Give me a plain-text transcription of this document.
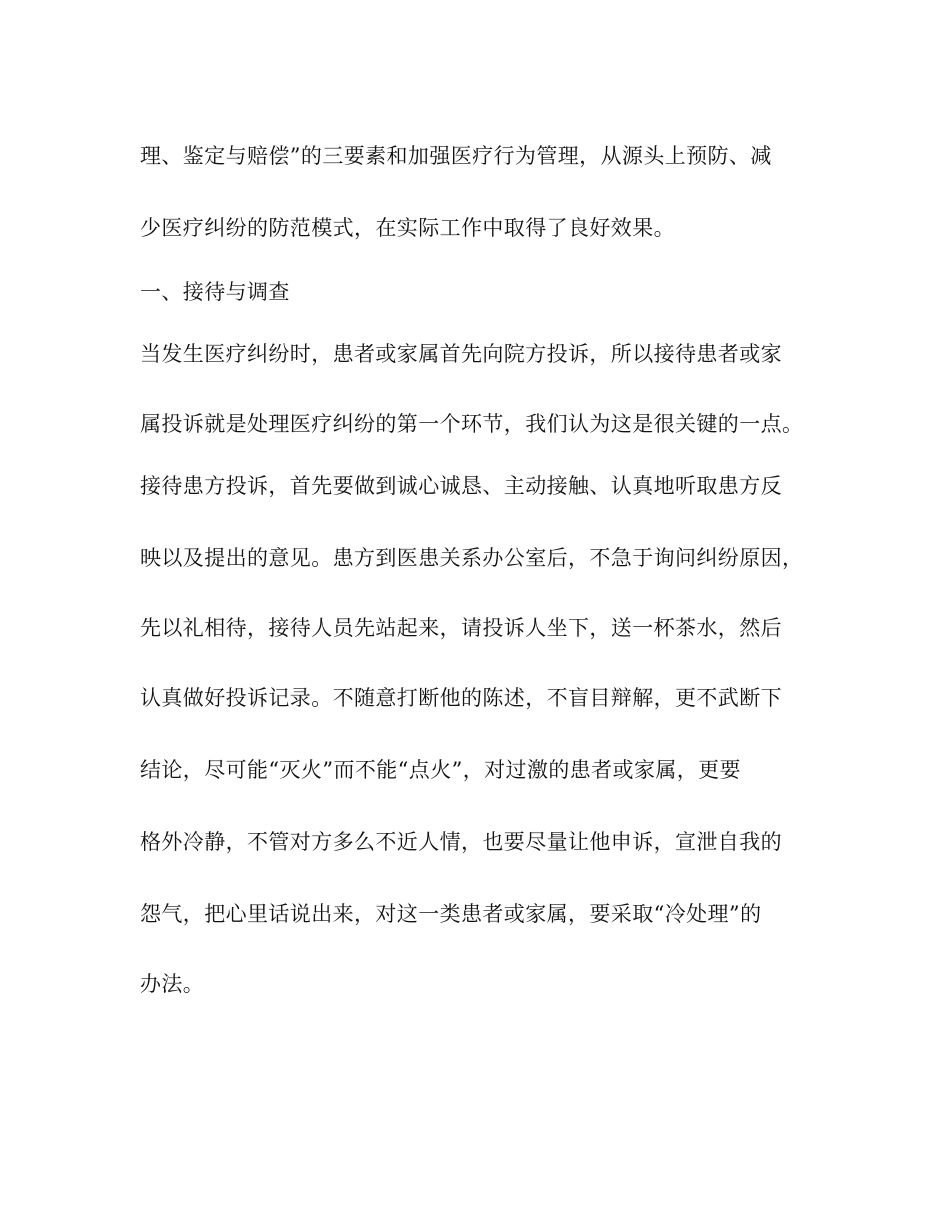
理、鉴定与赔偿”的三要素和加强医疗行为管理，从源头上预防、减

少医疗纠纷的防范模式，在实际工作中取得了良好效果。

一、接待与调查

当发生医疗纠纷时，患者或家属首先向院方投诉，所以接待患者或家

属投诉就是处理医疗纠纷的第一个环节，我们认为这是很关键的一点。

接待患方投诉，首先要做到诚心诚恳、主动接触、认真地听取患方反

映以及提出的意见。患方到医患关系办公室后，不急于询问纠纷原因，

先以礼相待，接待人员先站起来，请投诉人坐下，送一杯茶水，然后

认真做好投诉记录。不随意打断他的陈述，不盲目辩解，更不武断下

结论，尽可能“灭火”而不能“点火”，对过激的患者或家属，更要

格外冷静，不管对方多么不近人情，也要尽量让他申诉，宣泄自我的

怨气，把心里话说出来，对这一类患者或家属，要采取“冷处理”的

办法。
